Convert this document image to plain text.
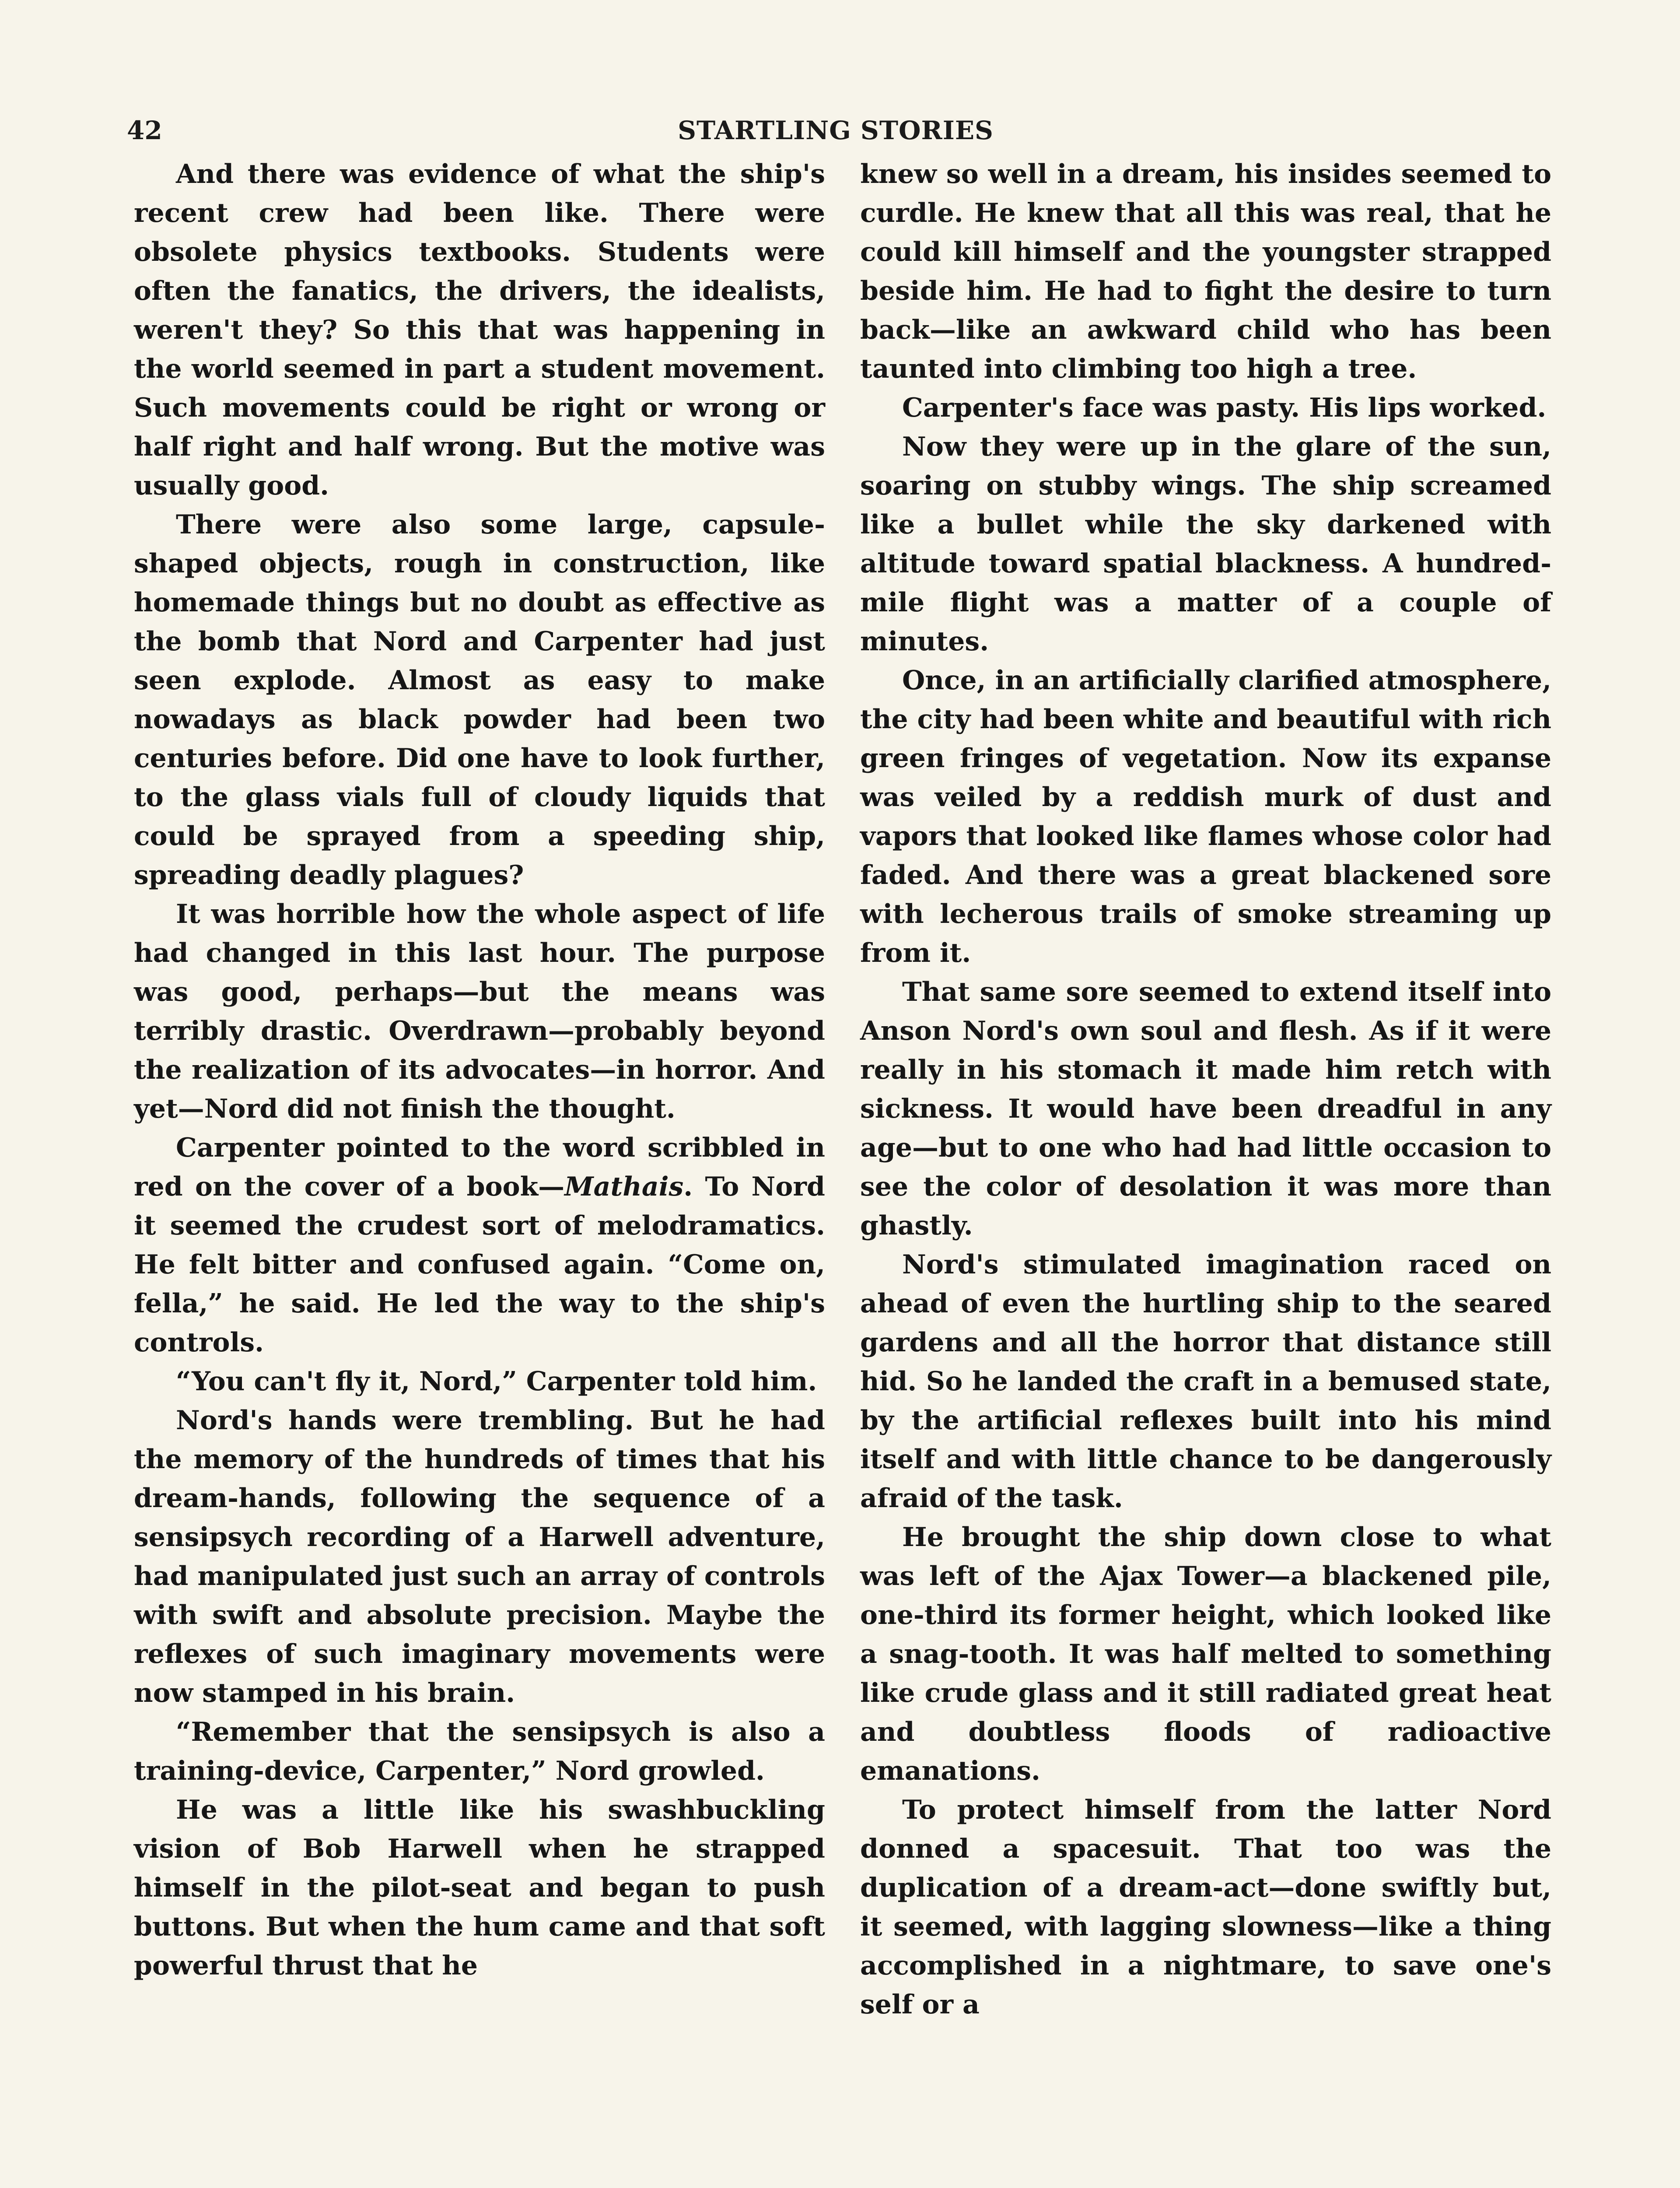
42	STARTLING STORIES

And there was evidence of what the ship's recent crew had been like. There were obsolete physics textbooks. Students were often the fanatics, the drivers, the idealists, weren't they? So this that was happening in the world seemed in part a student movement. Such movements could be right or wrong or half right and half wrong. But the motive was usually good.

There were also some large, capsule-shaped objects, rough in construction, like homemade things but no doubt as effective as the bomb that Nord and Carpenter had just seen explode. Almost as easy to make nowadays as black powder had been two centuries before. Did one have to look further, to the glass vials full of cloudy liquids that could be sprayed from a speeding ship, spreading deadly plagues?

It was horrible how the whole aspect of life had changed in this last hour. The purpose was good, perhaps—but the means was terribly drastic. Overdrawn—probably beyond the realization of its advocates—in horror. And yet—Nord did not finish the thought.

Carpenter pointed to the word scribbled in red on the cover of a book—Mathais. To Nord it seemed the crudest sort of melodramatics. He felt bitter and confused again. “Come on, fella,” he said. He led the way to the ship's controls.

“You can't fly it, Nord,” Carpenter told him.

Nord's hands were trembling. But he had the memory of the hundreds of times that his dream-hands, following the sequence of a sensipsych recording of a Harwell adventure, had manipulated just such an array of controls with swift and absolute precision. Maybe the reflexes of such imaginary movements were now stamped in his brain.

“Remember that the sensipsych is also a training-device, Carpenter,” Nord growled.

He was a little like his swashbuckling vision of Bob Harwell when he strapped himself in the pilot-seat and began to push buttons. But when the hum came and that soft powerful thrust that he

knew so well in a dream, his insides seemed to curdle. He knew that all this was real, that he could kill himself and the youngster strapped beside him. He had to fight the desire to turn back—like an awkward child who has been taunted into climbing too high a tree.

Carpenter's face was pasty. His lips worked.

Now they were up in the glare of the sun, soaring on stubby wings. The ship screamed like a bullet while the sky darkened with altitude toward spatial blackness. A hundred-mile flight was a matter of a couple of minutes.

Once, in an artificially clarified atmosphere, the city had been white and beautiful with rich green fringes of vegetation. Now its expanse was veiled by a reddish murk of dust and vapors that looked like flames whose color had faded. And there was a great blackened sore with lecherous trails of smoke streaming up from it.

That same sore seemed to extend itself into Anson Nord's own soul and flesh. As if it were really in his stomach it made him retch with sickness. It would have been dreadful in any age—but to one who had had little occasion to see the color of desolation it was more than ghastly.

Nord's stimulated imagination raced on ahead of even the hurtling ship to the seared gardens and all the horror that distance still hid. So he landed the craft in a bemused state, by the artificial reflexes built into his mind itself and with little chance to be dangerously afraid of the task.

He brought the ship down close to what was left of the Ajax Tower—a blackened pile, one-third its former height, which looked like a snag-tooth. It was half melted to something like crude glass and it still radiated great heat and doubtless floods of radioactive emanations.

To protect himself from the latter Nord donned a spacesuit. That too was the duplication of a dream-act—done swiftly but, it seemed, with lagging slowness—like a thing accomplished in a nightmare, to save one's self or a
